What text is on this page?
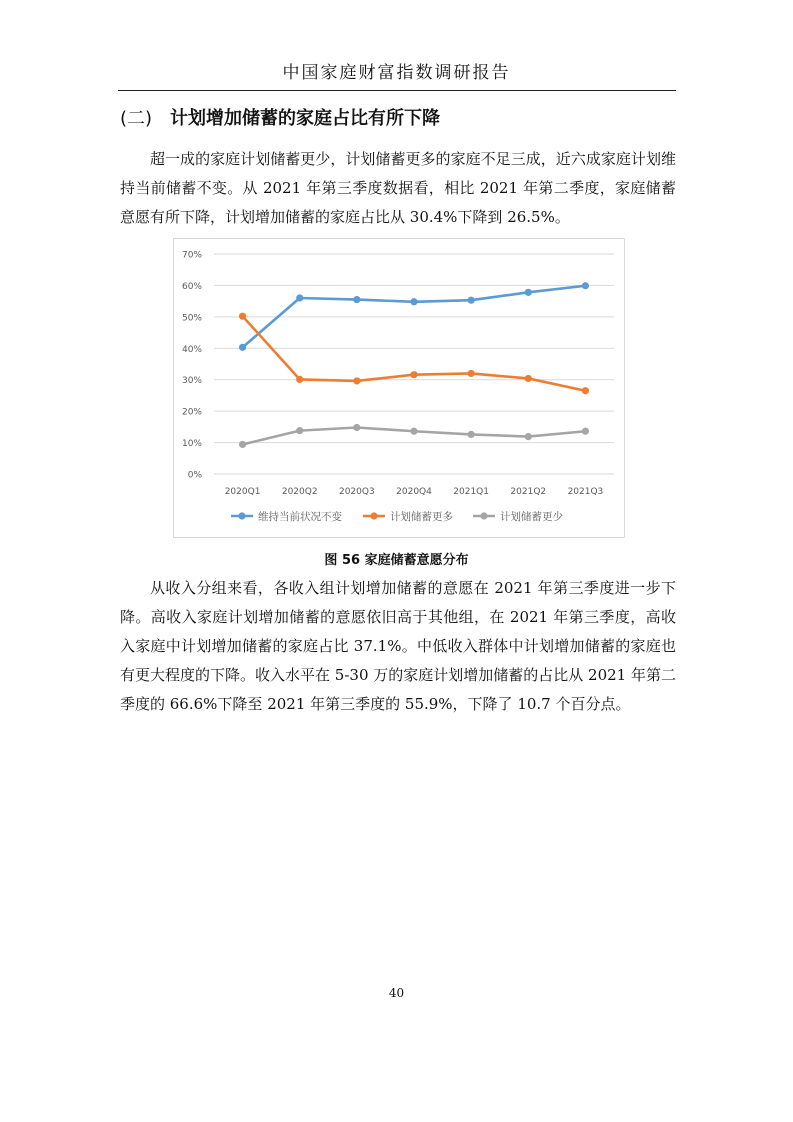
中国家庭财富指数调研报告
(二) 计划增加储蓄的家庭占比有所下降

超一成的家庭计划储蓄更少，计划储蓄更多的家庭不足三成，近六成家庭计划维持当前储蓄不变。从 2021 年第三季度数据看，相比 2021 年第二季度，家庭储蓄意愿有所下降，计划增加储蓄的家庭占比从 30.4%下降到 26.5%。

0%
10%
20%
30%
40%
50%
60%
70%
2020Q1 2020Q2 2020Q3 2020Q4 2021Q1 2021Q2 2021Q3
维持当前状况不变	计划储蓄更多	计划储蓄更少
图 56 家庭储蓄意愿分布

从收入分组来看，各收入组计划增加储蓄的意愿在 2021 年第三季度进一步下降。高收入家庭计划增加储蓄的意愿依旧高于其他组，在 2021 年第三季度，高收入家庭中计划增加储蓄的家庭占比 37.1%。中低收入群体中计划增加储蓄的家庭也有更大程度的下降。收入水平在 5-30 万的家庭计划增加储蓄的占比从 2021 年第二季度的 66.6%下降至 2021 年第三季度的 55.9%，下降了 10.7 个百分点。

40
